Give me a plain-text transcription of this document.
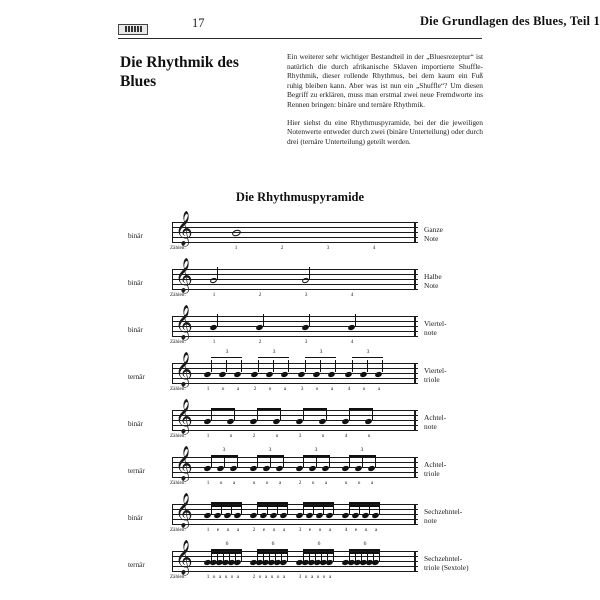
17	Die Grundlagen des Blues, Teil 1
Die Rhythmik des Blues

Ein weiterer sehr wichtiger Bestandteil in der „Bluesrezeptur“ ist natürlich die durch afrikanische Sklaven importierte Shuffle-Rhythmik, dieser rollende Rhythmus, bei dem kaum ein Fuß ruhig bleiben kann. Aber was ist nun ein „Shuffle“? Um diesen Begriff zu erklären, muss man erstmal zwei neue Fremdworte ins Rennen bringen: binäre und ternäre Rhythmik.

Hier siehst du eine Rhythmuspyramide, bei der die jeweiligen Notenwerte entweder durch zwei (binäre Unterteilung) oder durch drei (ternäre Unterteilung) geteilt werden.

Die Rhythmuspyramide
binär	𝄞
Zählen:	1	2	3	4
Ganze
Note
binär	𝄞
Zählen:	1	2	3	4
Halbe
Note
binär	𝄞
Zählen:	1	2	3	4
Viertel-
note
ternär	𝄞	3	3	3	3
Zählen:	1 o a	2 o a	3 o a	4 o a
Viertel-
triole
binär	𝄞
Zählen:	1	u	2	u	3	u	4	u
Achtel-
note
ternär	𝄞	3	3	3	3
Zählen:	1 o a	u o a	2 o a	u o a
Achtel-
triole
binär	𝄞
Zählen:	1 e u a	2 e u a	3 e u a	4 e u a
Sechzehntel-
note
ternär	𝄞	6	6	6	6
Zählen:	1 o a u o a	2 o a u o a	3 o a u o a
Sechzehntel-
triole (Sextole)
